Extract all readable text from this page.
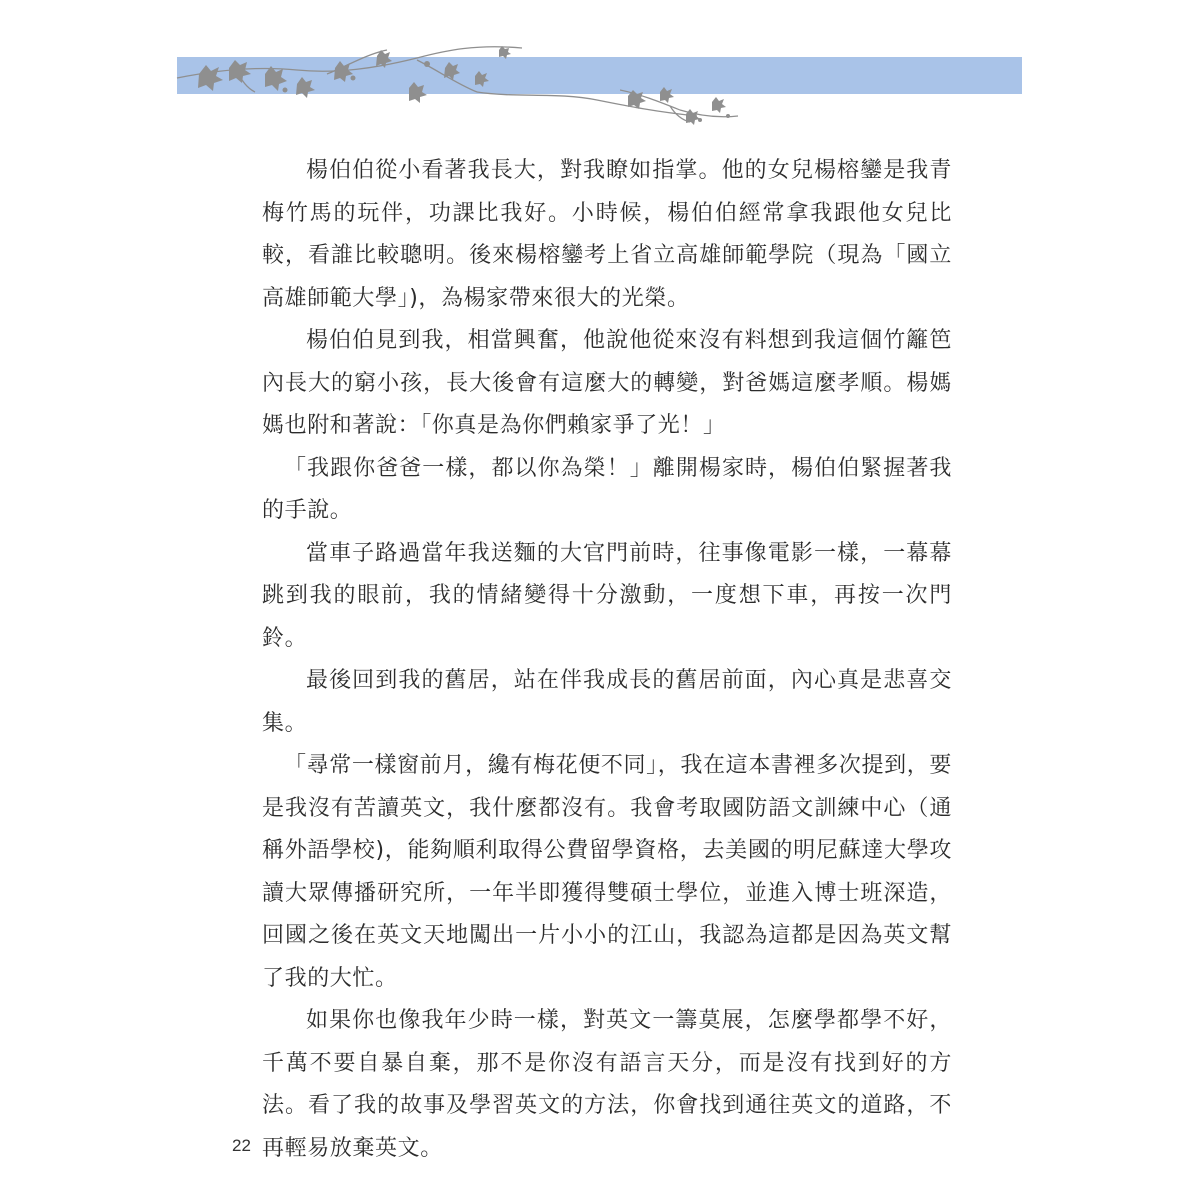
楊伯伯從小看著我長大，對我瞭如指掌。他的女兒楊榕鑾是我青梅竹馬的玩伴，功課比我好。小時候，楊伯伯經常拿我跟他女兒比較，看誰比較聰明。後來楊榕鑾考上省立高雄師範學院（現為「國立高雄師範大學」)，為楊家帶來很大的光榮。

楊伯伯見到我，相當興奮，他說他從來沒有料想到我這個竹籬笆內長大的窮小孩，長大後會有這麼大的轉變，對爸媽這麼孝順。楊媽媽也附和著說：「你真是為你們賴家爭了光！」

「我跟你爸爸一樣，都以你為榮！」離開楊家時，楊伯伯緊握著我的手說。

當車子路過當年我送麵的大官門前時，往事像電影一樣，一幕幕跳到我的眼前，我的情緒變得十分激動，一度想下車，再按一次門鈴。

最後回到我的舊居，站在伴我成長的舊居前面，內心真是悲喜交集。

「尋常一樣窗前月，纔有梅花便不同」，我在這本書裡多次提到，要是我沒有苦讀英文，我什麼都沒有。我會考取國防語文訓練中心（通稱外語學校)，能夠順利取得公費留學資格，去美國的明尼蘇達大學攻讀大眾傳播研究所，一年半即獲得雙碩士學位，並進入博士班深造，回國之後在英文天地闖出一片小小的江山，我認為這都是因為英文幫了我的大忙。

如果你也像我年少時一樣，對英文一籌莫展，怎麼學都學不好，千萬不要自暴自棄，那不是你沒有語言天分，而是沒有找到好的方法。看了我的故事及學習英文的方法，你會找到通往英文的道路，不再輕易放棄英文。

22
